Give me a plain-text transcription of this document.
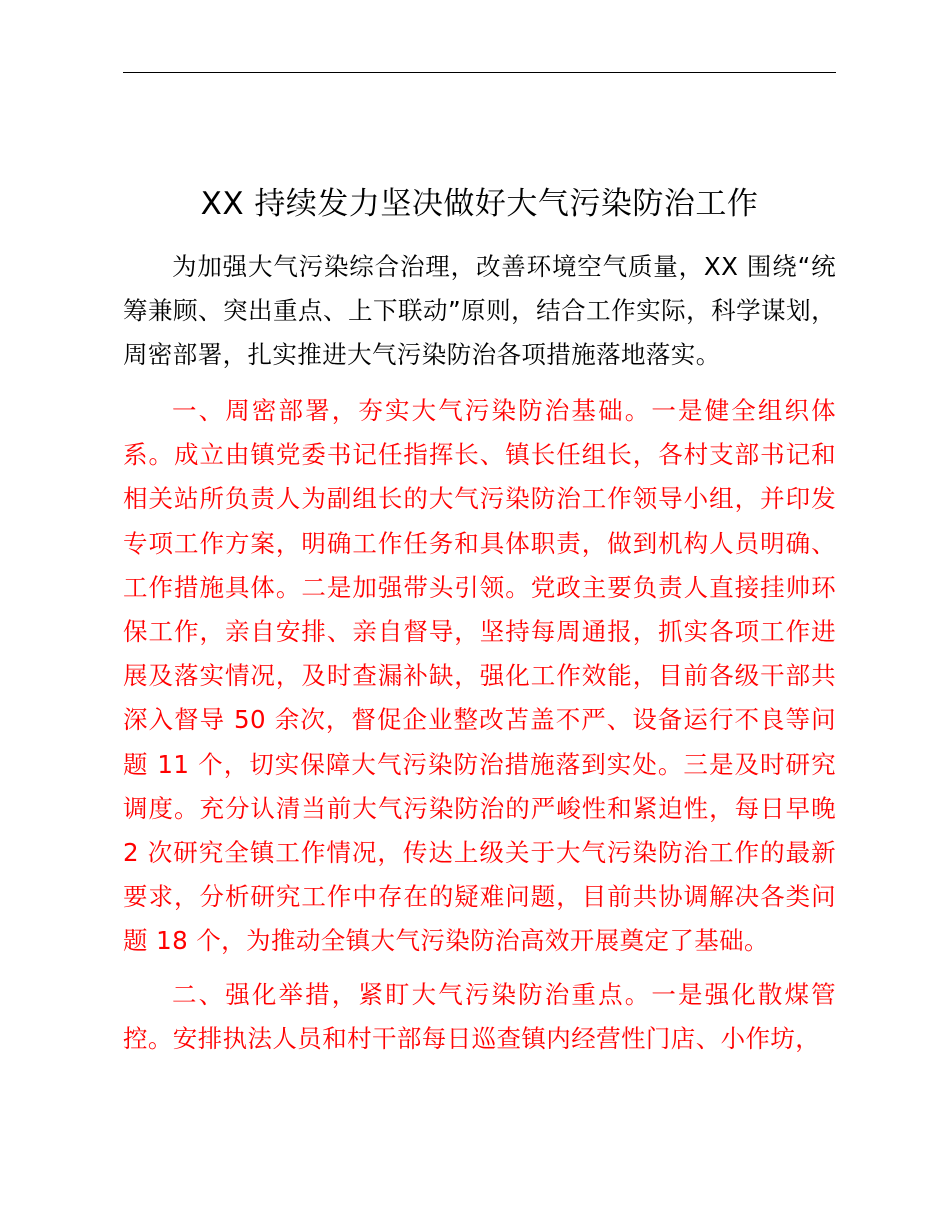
XX 持续发力坚决做好大气污染防治工作

为加强大气污染综合治理，改善环境空气质量，XX 围绕“统筹兼顾、突出重点、上下联动”原则，结合工作实际，科学谋划，周密部署，扎实推进大气污染防治各项措施落地落实。

一、周密部署，夯实大气污染防治基础。一是健全组织体系。成立由镇党委书记任指挥长、镇长任组长，各村支部书记和相关站所负责人为副组长的大气污染防治工作领导小组，并印发专项工作方案，明确工作任务和具体职责，做到机构人员明确、工作措施具体。二是加强带头引领。党政主要负责人直接挂帅环保工作，亲自安排、亲自督导，坚持每周通报，抓实各项工作进展及落实情况，及时查漏补缺，强化工作效能，目前各级干部共深入督导 50 余次，督促企业整改苫盖不严、设备运行不良等问题 11 个，切实保障大气污染防治措施落到实处。三是及时研究调度。充分认清当前大气污染防治的严峻性和紧迫性，每日早晚 2 次研究全镇工作情况，传达上级关于大气污染防治工作的最新要求，分析研究工作中存在的疑难问题，目前共协调解决各类问题 18 个，为推动全镇大气污染防治高效开展奠定了基础。

二、强化举措，紧盯大气污染防治重点。一是强化散煤管控。安排执法人员和村干部每日巡查镇内经营性门店、小作坊，
